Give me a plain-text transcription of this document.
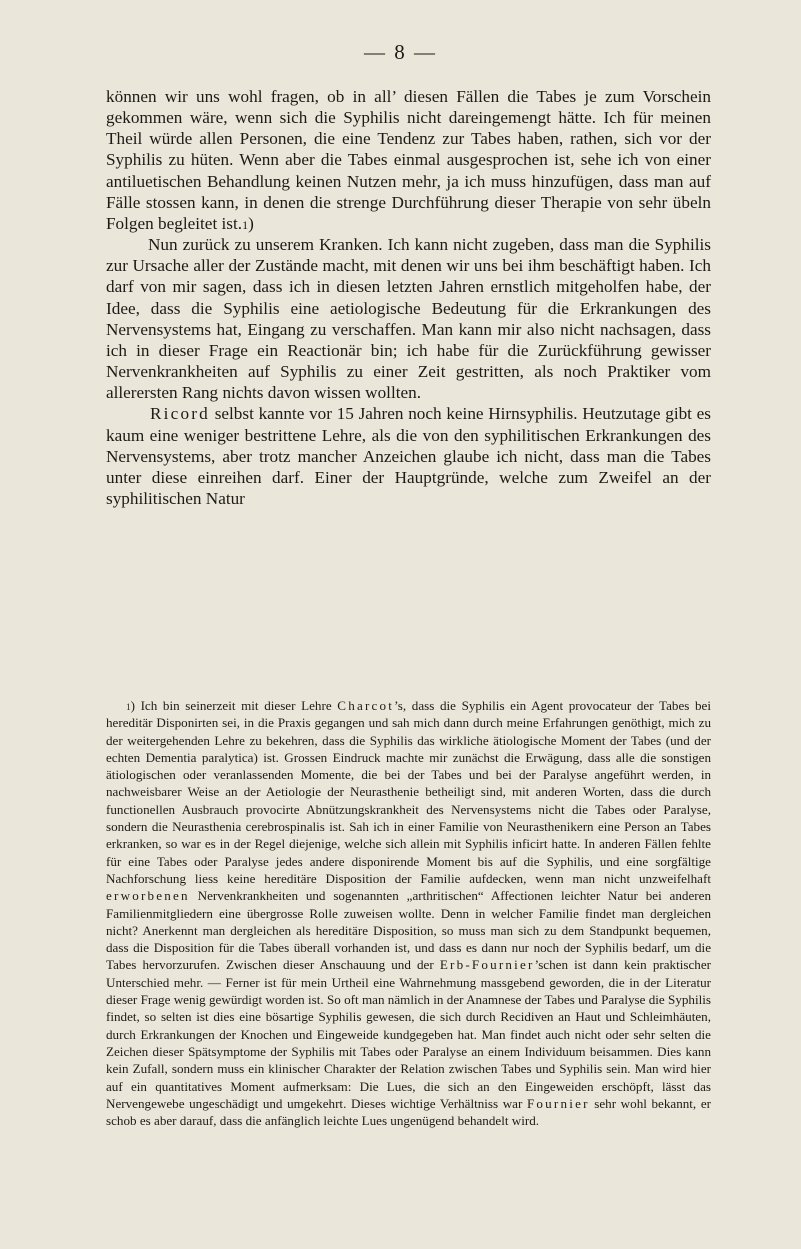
— 8 —

können wir uns wohl fragen, ob in all’ diesen Fällen die Tabes je zum Vorschein gekommen wäre, wenn sich die Syphilis nicht dareingemengt hätte. Ich für meinen Theil würde allen Personen, die eine Tendenz zur Tabes haben, rathen, sich vor der Syphilis zu hüten. Wenn aber die Tabes einmal ausgesprochen ist, sehe ich von einer antiluetischen Behandlung keinen Nutzen mehr, ja ich muss hinzufügen, dass man auf Fälle stossen kann, in denen die strenge Durchführung dieser Therapie von sehr übeln Folgen begleitet ist.$^1$)

Nun zurück zu unserem Kranken. Ich kann nicht zugeben, dass man die Syphilis zur Ursache aller der Zustände macht, mit denen wir uns bei ihm beschäftigt haben. Ich darf von mir sagen, dass ich in diesen letzten Jahren ernstlich mitgeholfen habe, der Idee, dass die Syphilis eine aetiologische Bedeutung für die Erkrankungen des Nervensystems hat, Eingang zu verschaffen. Man kann mir also nicht nachsagen, dass ich in dieser Frage ein Reactionär bin; ich habe für die Zurückführung gewisser Nervenkrankheiten auf Syphilis zu einer Zeit gestritten, als noch Praktiker vom allerersten Rang nichts davon wissen wollten.

Ricord selbst kannte vor 15 Jahren noch keine Hirnsyphilis. Heutzutage gibt es kaum eine weniger bestrittene Lehre, als die von den syphilitischen Erkrankungen des Nervensystems, aber trotz mancher Anzeichen glaube ich nicht, dass man die Tabes unter diese einreihen darf. Einer der Hauptgründe, welche zum Zweifel an der syphilitischen Natur

$^1$) Ich bin seinerzeit mit dieser Lehre Charcot’s, dass die Syphilis ein Agent provocateur der Tabes bei hereditär Disponirten sei, in die Praxis gegangen und sah mich dann durch meine Erfahrungen genöthigt, mich zu der weitergehenden Lehre zu bekehren, dass die Syphilis das wirkliche ätiologische Moment der Tabes (und der echten Dementia paralytica) ist. Grossen Eindruck machte mir zunächst die Erwägung, dass alle die sonstigen ätiologischen oder veranlassenden Momente, die bei der Tabes und bei der Paralyse angeführt werden, in nachweisbarer Weise an der Aetiologie der Neurasthenie betheiligt sind, mit anderen Worten, dass die durch functionellen Ausbrauch provocirte Abnützungskrankheit des Nervensystems nicht die Tabes oder Paralyse, sondern die Neurasthenia cerebrospinalis ist. Sah ich in einer Familie von Neurasthenikern eine Person an Tabes erkranken, so war es in der Regel diejenige, welche sich allein mit Syphilis inficirt hatte. In anderen Fällen fehlte für eine Tabes oder Paralyse jedes andere disponirende Moment bis auf die Syphilis, und eine sorgfältige Nachforschung liess keine hereditäre Disposition der Familie aufdecken, wenn man nicht unzweifelhaft erworbenen Nervenkrankheiten und sogenannten „arthritischen“ Affectionen leichter Natur bei anderen Familienmitgliedern eine übergrosse Rolle zuweisen wollte. Denn in welcher Familie findet man dergleichen nicht? Anerkennt man dergleichen als hereditäre Disposition, so muss man sich zu dem Standpunkt bequemen, dass die Disposition für die Tabes überall vorhanden ist, und dass es dann nur noch der Syphilis bedarf, um die Tabes hervorzurufen. Zwischen dieser Anschauung und der Erb-Fournier’schen ist dann kein praktischer Unterschied mehr. — Ferner ist für mein Urtheil eine Wahrnehmung massgebend geworden, die in der Literatur dieser Frage wenig gewürdigt worden ist. So oft man nämlich in der Anamnese der Tabes und Paralyse die Syphilis findet, so selten ist dies eine bösartige Syphilis gewesen, die sich durch Recidiven an Haut und Schleimhäuten, durch Erkrankungen der Knochen und Eingeweide kundgegeben hat. Man findet auch nicht oder sehr selten die Zeichen dieser Spätsymptome der Syphilis mit Tabes oder Paralyse an einem Individuum beisammen. Dies kann kein Zufall, sondern muss ein klinischer Charakter der Relation zwischen Tabes und Syphilis sein. Man wird hier auf ein quantitatives Moment aufmerksam: Die Lues, die sich an den Eingeweiden erschöpft, lässt das Nervengewebe ungeschädigt und umgekehrt. Dieses wichtige Verhältniss war Fournier sehr wohl bekannt, er schob es aber darauf, dass die anfänglich leichte Lues ungenügend behandelt wird.
